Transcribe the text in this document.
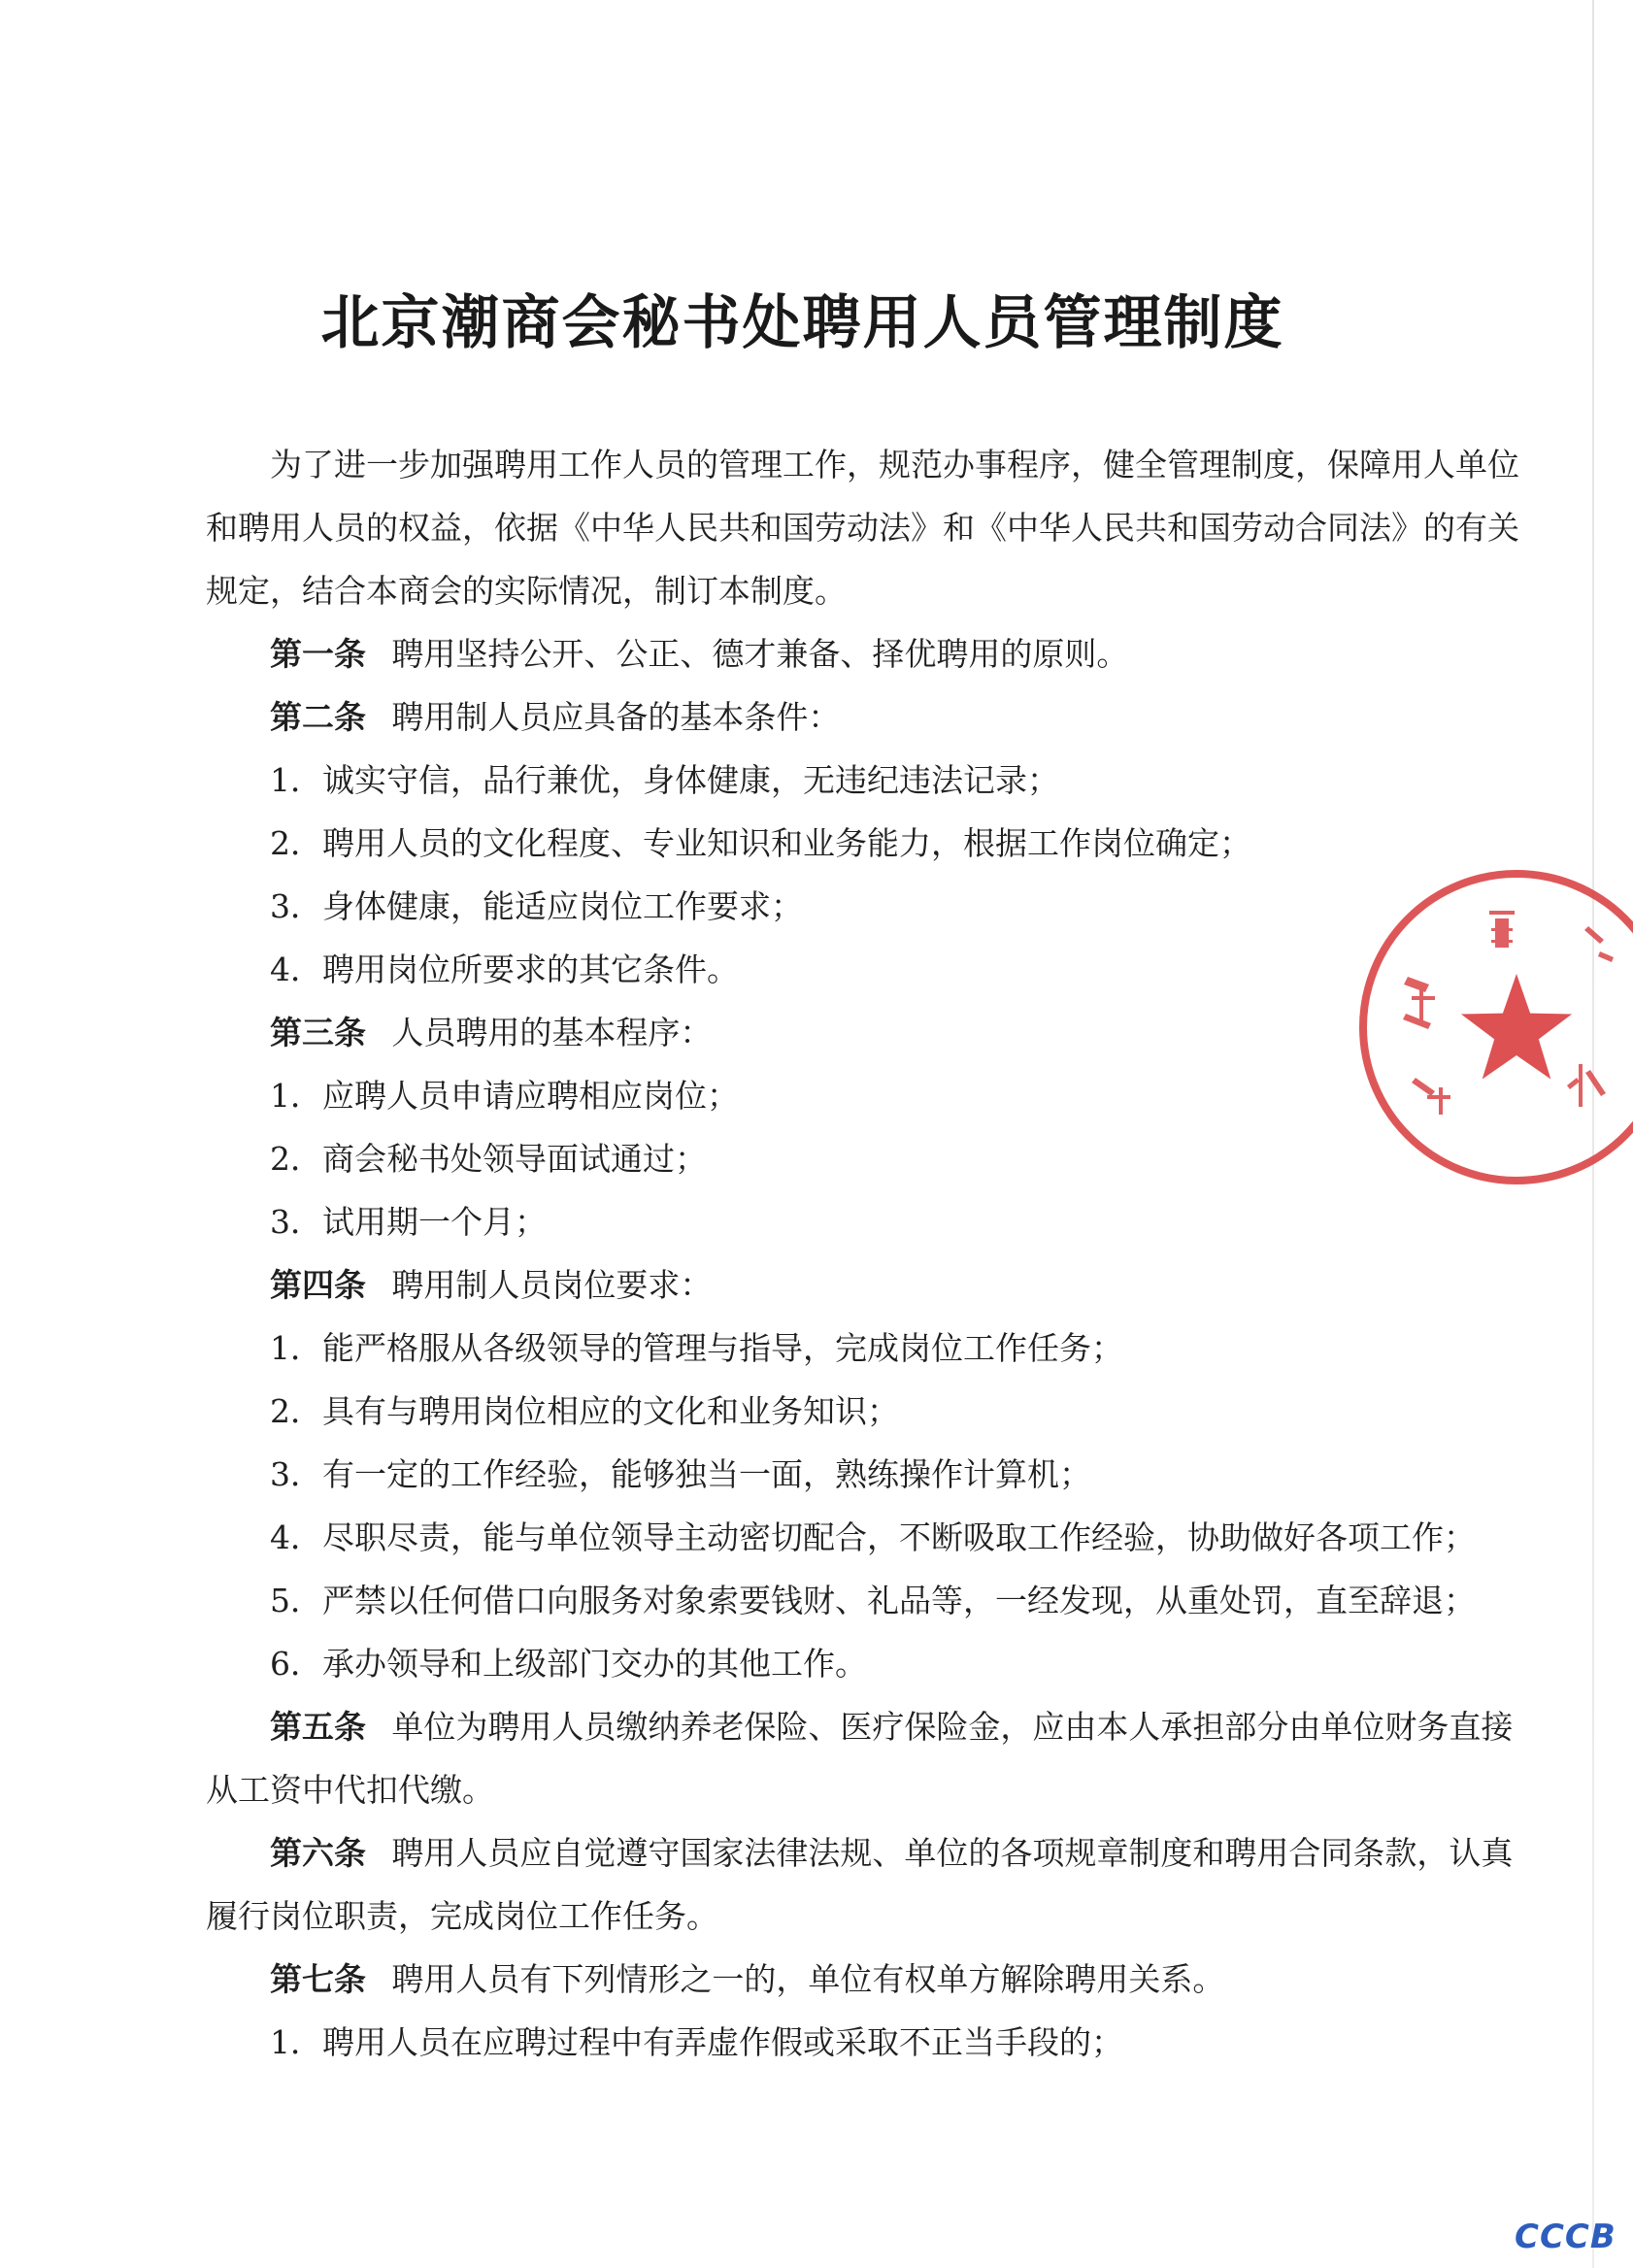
北京潮商会秘书处聘用人员管理制度
为了进一步加强聘用工作人员的管理工作，规范办事程序，健全管理制度，保障用人单位
和聘用人员的权益，依据《中华人民共和国劳动法》和《中华人民共和国劳动合同法》的有关
规定，结合本商会的实际情况，制订本制度。
第一条 聘用坚持公开、公正、德才兼备、择优聘用的原则。
第二条 聘用制人员应具备的基本条件：
1．诚实守信，品行兼优，身体健康，无违纪违法记录；
2．聘用人员的文化程度、专业知识和业务能力，根据工作岗位确定；
3．身体健康，能适应岗位工作要求；
4．聘用岗位所要求的其它条件。
第三条 人员聘用的基本程序：
1．应聘人员申请应聘相应岗位；
2．商会秘书处领导面试通过；
3．试用期一个月；
第四条 聘用制人员岗位要求：
1．能严格服从各级领导的管理与指导，完成岗位工作任务；
2．具有与聘用岗位相应的文化和业务知识；
3．有一定的工作经验，能够独当一面，熟练操作计算机；
4．尽职尽责，能与单位领导主动密切配合，不断吸取工作经验，协助做好各项工作；
5．严禁以任何借口向服务对象索要钱财、礼品等，一经发现，从重处罚，直至辞退；
6．承办领导和上级部门交办的其他工作。
第五条 单位为聘用人员缴纳养老保险、医疗保险金，应由本人承担部分由单位财务直接
从工资中代扣代缴。
第六条 聘用人员应自觉遵守国家法律法规、单位的各项规章制度和聘用合同条款，认真
履行岗位职责，完成岗位工作任务。
第七条 聘用人员有下列情形之一的，单位有权单方解除聘用关系。
1．聘用人员在应聘过程中有弄虚作假或采取不正当手段的；
CCCB
